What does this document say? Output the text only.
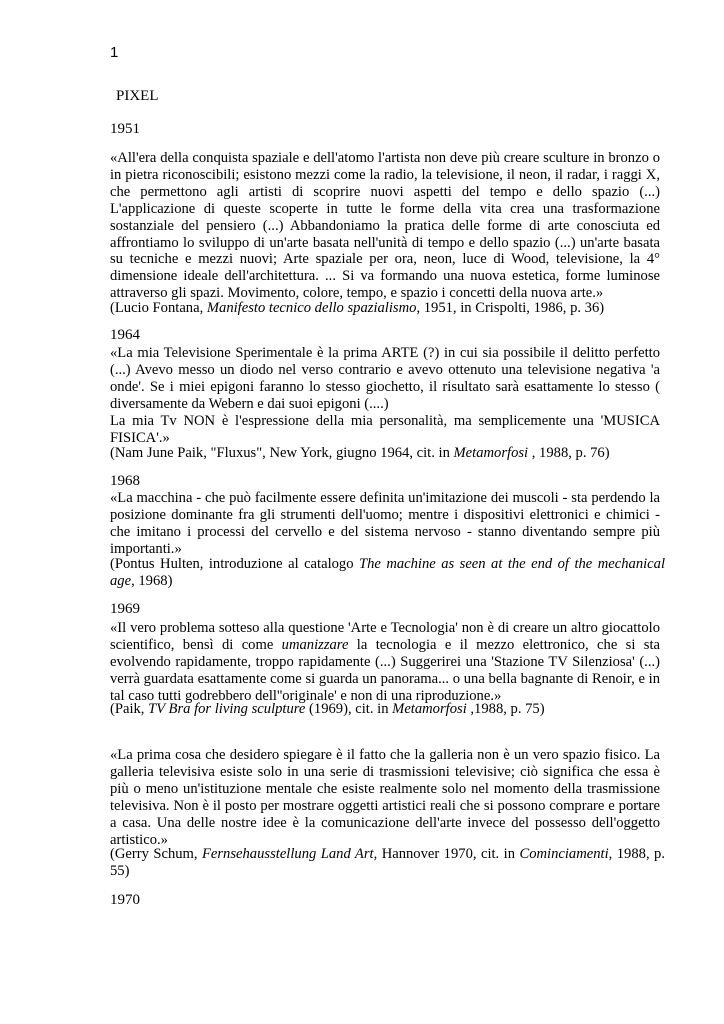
1
PIXEL
1951

«All'era della conquista spaziale e dell'atomo l'artista non deve più creare sculture in bronzo o in pietra riconoscibili; esistono mezzi come la radio, la televisione, il neon, il radar, i raggi X, che permettono agli artisti di scoprire nuovi aspetti del tempo e dello spazio (...) L'applicazione di queste scoperte in tutte le forme della vita crea una trasformazione sostanziale del pensiero (...) Abbandoniamo la pratica delle forme di arte conosciuta ed affrontiamo lo sviluppo di un'arte basata nell'unità di tempo e dello spazio (...) un'arte basata su tecniche e mezzi nuovi; Arte spaziale per ora, neon, luce di Wood, televisione, la 4° dimensione ideale dell'architettura. ... Si va formando una nuova estetica, forme luminose attraverso gli spazi. Movimento, colore, tempo, e spazio i concetti della nuova arte.»

(Lucio Fontana, Manifesto tecnico dello spazialismo, 1951, in Crispolti, 1986, p. 36)
1964

«La mia Televisione Sperimentale è la prima ARTE (?) in cui sia possibile il delitto perfetto (...) Avevo messo un diodo nel verso contrario e avevo ottenuto una televisione negativa 'a onde'. Se i miei epigoni faranno lo stesso giochetto, il risultato sarà esattamente lo stesso ( diversamente da Webern e dai suoi epigoni (....)

La mia Tv NON è l'espressione della mia personalità, ma semplicemente una 'MUSICA FISICA'.»

(Nam June Paik, "Fluxus", New York, giugno 1964, cit. in Metamorfosi , 1988, p. 76)
1968

«La macchina - che può facilmente essere definita un'imitazione dei muscoli - sta perdendo la posizione dominante fra gli strumenti dell'uomo; mentre i dispositivi elettronici e chimici - che imitano i processi del cervello e del sistema nervoso - stanno diventando sempre più importanti.»

(Pontus Hulten, introduzione al catalogo The machine as seen at the end of the mechanical age, 1968)
1969

«Il vero problema sotteso alla questione 'Arte e Tecnologia' non è di creare un altro giocattolo scientifico, bensì di come umanizzare la tecnologia e il mezzo elettronico, che si sta evolvendo rapidamente, troppo rapidamente (...) Suggerirei una 'Stazione TV Silenziosa' (...) verrà guardata esattamente come si guarda un panorama... o una bella bagnante di Renoir, e in tal caso tutti godrebbero dell''originale' e non di una riproduzione.»

(Paik, TV Bra for living sculpture (1969), cit. in Metamorfosi ,1988, p. 75)

«La prima cosa che desidero spiegare è il fatto che la galleria non è un vero spazio fisico. La galleria televisiva esiste solo in una serie di trasmissioni televisive; ciò significa che essa è più o meno un'istituzione mentale che esiste realmente solo nel momento della trasmissione televisiva. Non è il posto per mostrare oggetti artistici reali che si possono comprare e portare a casa. Una delle nostre idee è la comunicazione dell'arte invece del possesso dell'oggetto artistico.»

(Gerry Schum, Fernsehausstellung Land Art, Hannover 1970, cit. in Cominciamenti, 1988, p. 55)
1970
